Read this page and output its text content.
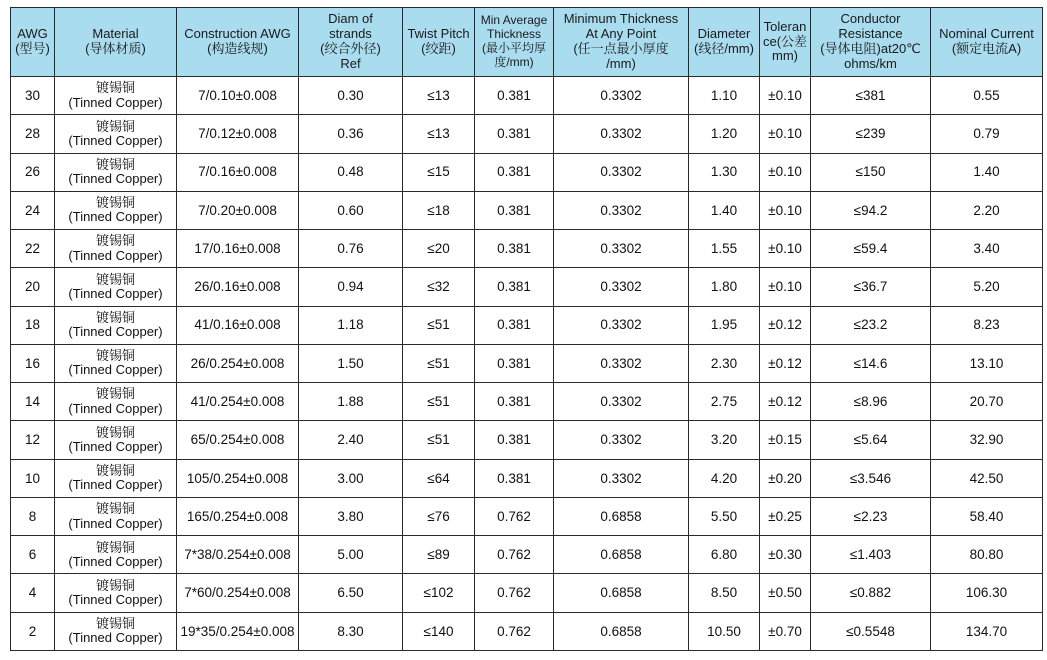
AWG
(型号)	Material
(导体材质)	Construction AWG
(构造线规)	Diam of
strands
(绞合外径)
Ref	Twist Pitch
(绞距)	Min Average
Thickness
(最小平均厚
度/mm)	Minimum Thickness
At Any Point
(任一点最小厚度
/mm)	Diameter
(线径/mm)	Toleran
ce(公差
mm)	Conductor
Resistance
(导体电阻)at20℃
ohms/km	Nominal Current
(额定电流A)

30	镀锡铜
(Tinned Copper)	7/0.10±0.008	0.30	≤13	0.381	0.3302	1.10	±0.10	≤381	0.55
28	镀锡铜
(Tinned Copper)	7/0.12±0.008	0.36	≤13	0.381	0.3302	1.20	±0.10	≤239	0.79
26	镀锡铜
(Tinned Copper)	7/0.16±0.008	0.48	≤15	0.381	0.3302	1.30	±0.10	≤150	1.40
24	镀锡铜
(Tinned Copper)	7/0.20±0.008	0.60	≤18	0.381	0.3302	1.40	±0.10	≤94.2	2.20
22	镀锡铜
(Tinned Copper)	17/0.16±0.008	0.76	≤20	0.381	0.3302	1.55	±0.10	≤59.4	3.40
20	镀锡铜
(Tinned Copper)	26/0.16±0.008	0.94	≤32	0.381	0.3302	1.80	±0.10	≤36.7	5.20
18	镀锡铜
(Tinned Copper)	41/0.16±0.008	1.18	≤51	0.381	0.3302	1.95	±0.12	≤23.2	8.23
16	镀锡铜
(Tinned Copper)	26/0.254±0.008	1.50	≤51	0.381	0.3302	2.30	±0.12	≤14.6	13.10
14	镀锡铜
(Tinned Copper)	41/0.254±0.008	1.88	≤51	0.381	0.3302	2.75	±0.12	≤8.96	20.70
12	镀锡铜
(Tinned Copper)	65/0.254±0.008	2.40	≤51	0.381	0.3302	3.20	±0.15	≤5.64	32.90
10	镀锡铜
(Tinned Copper)	105/0.254±0.008	3.00	≤64	0.381	0.3302	4.20	±0.20	≤3.546	42.50
8	镀锡铜
(Tinned Copper)	165/0.254±0.008	3.80	≤76	0.762	0.6858	5.50	±0.25	≤2.23	58.40
6	镀锡铜
(Tinned Copper)	7*38/0.254±0.008	5.00	≤89	0.762	0.6858	6.80	±0.30	≤1.403	80.80
4	镀锡铜
(Tinned Copper)	7*60/0.254±0.008	6.50	≤102	0.762	0.6858	8.50	±0.50	≤0.882	106.30
2	镀锡铜
(Tinned Copper)	19*35/0.254±0.008	8.30	≤140	0.762	0.6858	10.50	±0.70	≤0.5548	134.70
